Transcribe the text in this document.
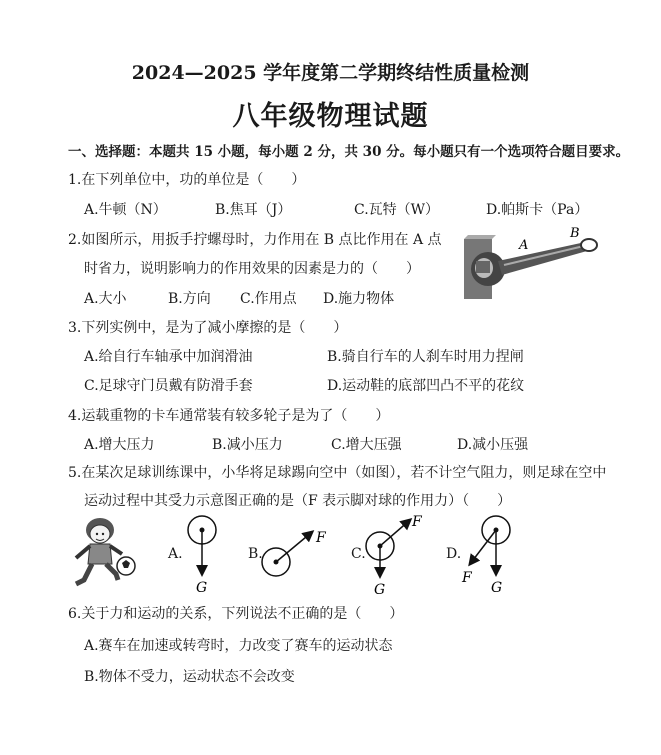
2024—2025 学年度第二学期终结性质量检测
八年级物理试题
一、选择题：本题共 15 小题，每小题 2 分，共 30 分。每小题只有一个选项符合题目要求。
1.在下列单位中，功的单位是（　　）
A.牛顿（N）	B.焦耳（J）	C.瓦特（W）	D.帕斯卡（Pa）
2.如图所示，用扳手拧螺母时，力作用在 B 点比作用在 A 点
时省力，说明影响力的作用效果的因素是力的（　　）
A.大小	B.方向 C.作用点 D.施力物体
A
B
3.下列实例中，是为了减小摩擦的是（　　）
A.给自行车轴承中加润滑油	B.骑自行车的人刹车时用力捏闸
C.足球守门员戴有防滑手套	D.运动鞋的底部凹凸不平的花纹
4.运载重物的卡车通常装有较多轮子是为了（　　）
A.增大压力	B.减小压力	C.增大压强	D.减小压强
5.在某次足球训练课中，小华将足球踢向空中（如图），若不计空气阻力，则足球在空中
运动过程中其受力示意图正确的是（F 表示脚对球的作用力）（　　）
A.
G
B.
F
C.
F
G
D.
F
G
6.关于力和运动的关系，下列说法不正确的是（　　）
A.赛车在加速或转弯时，力改变了赛车的运动状态
B.物体不受力，运动状态不会改变
